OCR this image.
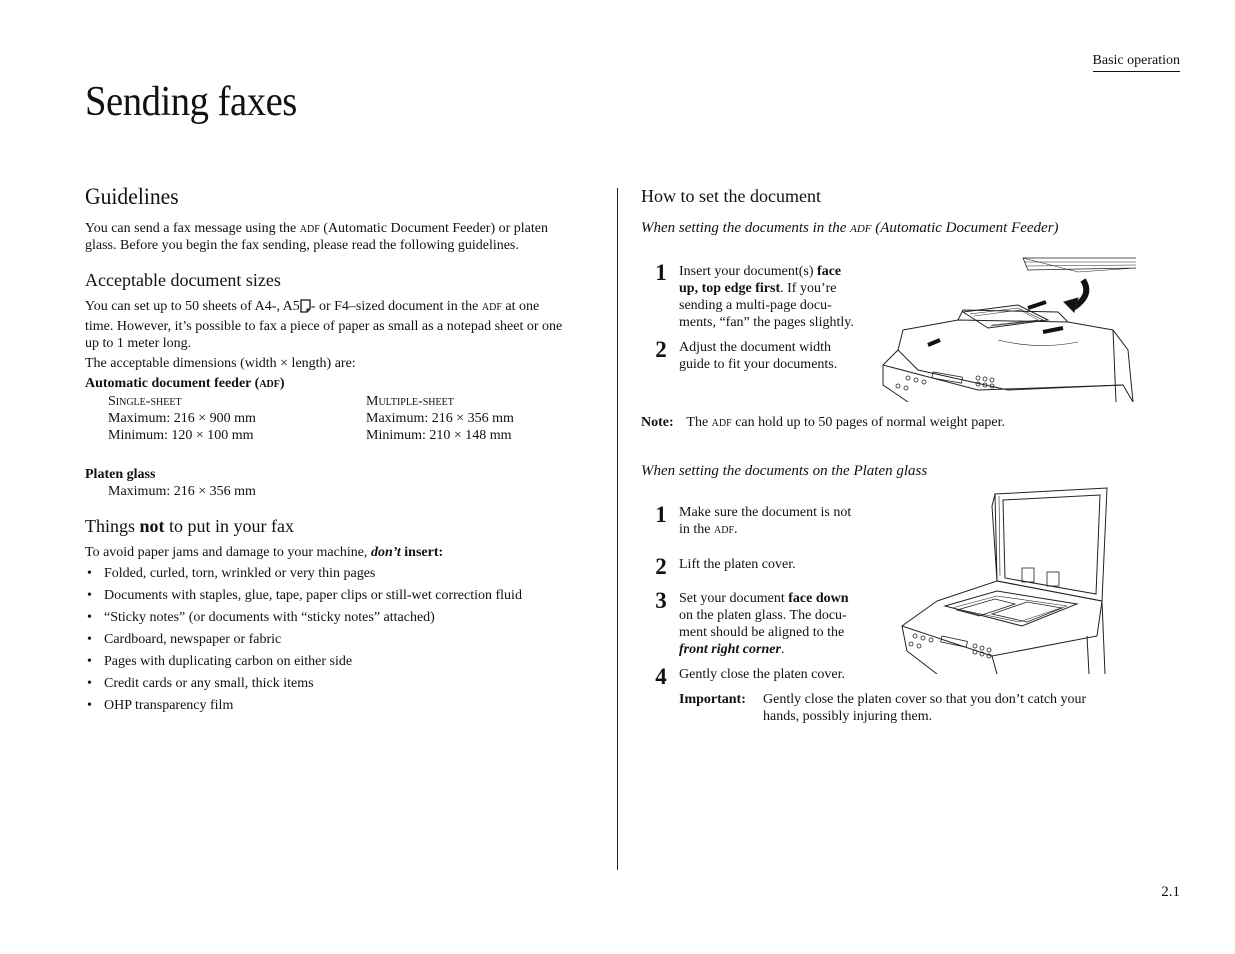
Basic operation
Sending faxes
Guidelines
You can send a fax message using the adf (Automatic Document Feeder) or platen
glass. Before you begin the fax sending, please read the following guidelines.
Acceptable document sizes
You can set up to 50 sheets of A4-, A5 - or F4–sized document in the adf at one
time. However, it’s possible to fax a piece of paper as small as a notepad sheet or one
up to 1 meter long.
The acceptable dimensions (width × length) are:
Automatic document feeder (adf)
Single-sheet
Maximum: 216 × 900 mm
Minimum: 120 × 100 mm
Multiple-sheet
Maximum: 216 × 356 mm
Minimum: 210 × 148 mm
Platen glass
Maximum: 216 × 356 mm
Things not to put in your fax
To avoid paper jams and damage to your machine, don’t insert:
• Folded, curled, torn, wrinkled or very thin pages
• Documents with staples, glue, tape, paper clips or still-wet correction fluid
• “Sticky notes” (or documents with “sticky notes” attached)
• Cardboard, newspaper or fabric
• Pages with duplicating carbon on either side
• Credit cards or any small, thick items
• OHP transparency film
How to set the document
When setting the documents in the adf (Automatic Document Feeder)
1 Insert your document(s) face
up, top edge first. If you’re
sending a multi-page docu-
ments, “fan” the pages slightly.
2 Adjust the document width
guide to fit your documents.
Note: The adf can hold up to 50 pages of normal weight paper.
When setting the documents on the Platen glass
1 Make sure the document is not
in the adf.
2 Lift the platen cover.
3 Set your document face down
on the platen glass. The docu-
ment should be aligned to the
front right corner.
4 Gently close the platen cover.
Important: Gently close the platen cover so that you don’t catch your
hands, possibly injuring them.
2.1
